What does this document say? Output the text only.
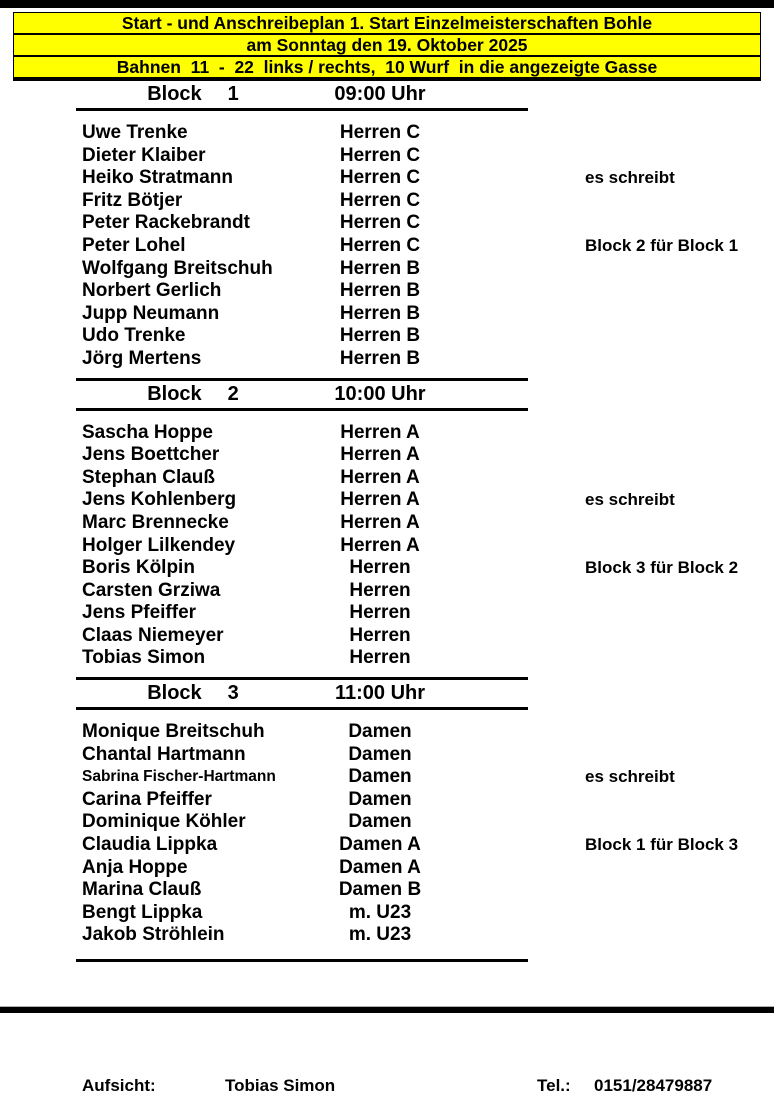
Start - und Anschreibeplan 1. Start Einzelmeisterschaften Bohle
am Sonntag den 19. Oktober 2025
Bahnen  11  -  22  links / rechts,  10 Wurf  in die angezeigte Gasse
Block 1	09:00 Uhr
Uwe Trenke	Herren C
Dieter Klaiber	Herren C
Heiko Stratmann	Herren C	es schreibt
Fritz Bötjer	Herren C
Peter Rackebrandt	Herren C
Peter Lohel	Herren C	Block 2 für Block 1
Wolfgang Breitschuh	Herren B
Norbert Gerlich	Herren B
Jupp Neumann	Herren B
Udo Trenke	Herren B
Jörg Mertens	Herren B
Block 2	10:00 Uhr
Sascha Hoppe	Herren A
Jens Boettcher	Herren A
Stephan Clauß	Herren A
Jens Kohlenberg	Herren A	es schreibt
Marc Brennecke	Herren A
Holger Lilkendey	Herren A
Boris Kölpin	Herren	Block 3 für Block 2
Carsten Grziwa	Herren
Jens Pfeiffer	Herren
Claas Niemeyer	Herren
Tobias Simon	Herren
Block 3	11:00 Uhr
Monique Breitschuh	Damen
Chantal Hartmann	Damen
Sabrina Fischer-Hartmann	Damen	es schreibt
Carina Pfeiffer	Damen
Dominique Köhler	Damen
Claudia Lippka	Damen A	Block 1 für Block 3
Anja Hoppe	Damen A
Marina Clauß	Damen B
Bengt Lippka	m. U23
Jakob Ströhlein	m. U23
Aufsicht:	Tobias Simon	Tel.:	0151/28479887
